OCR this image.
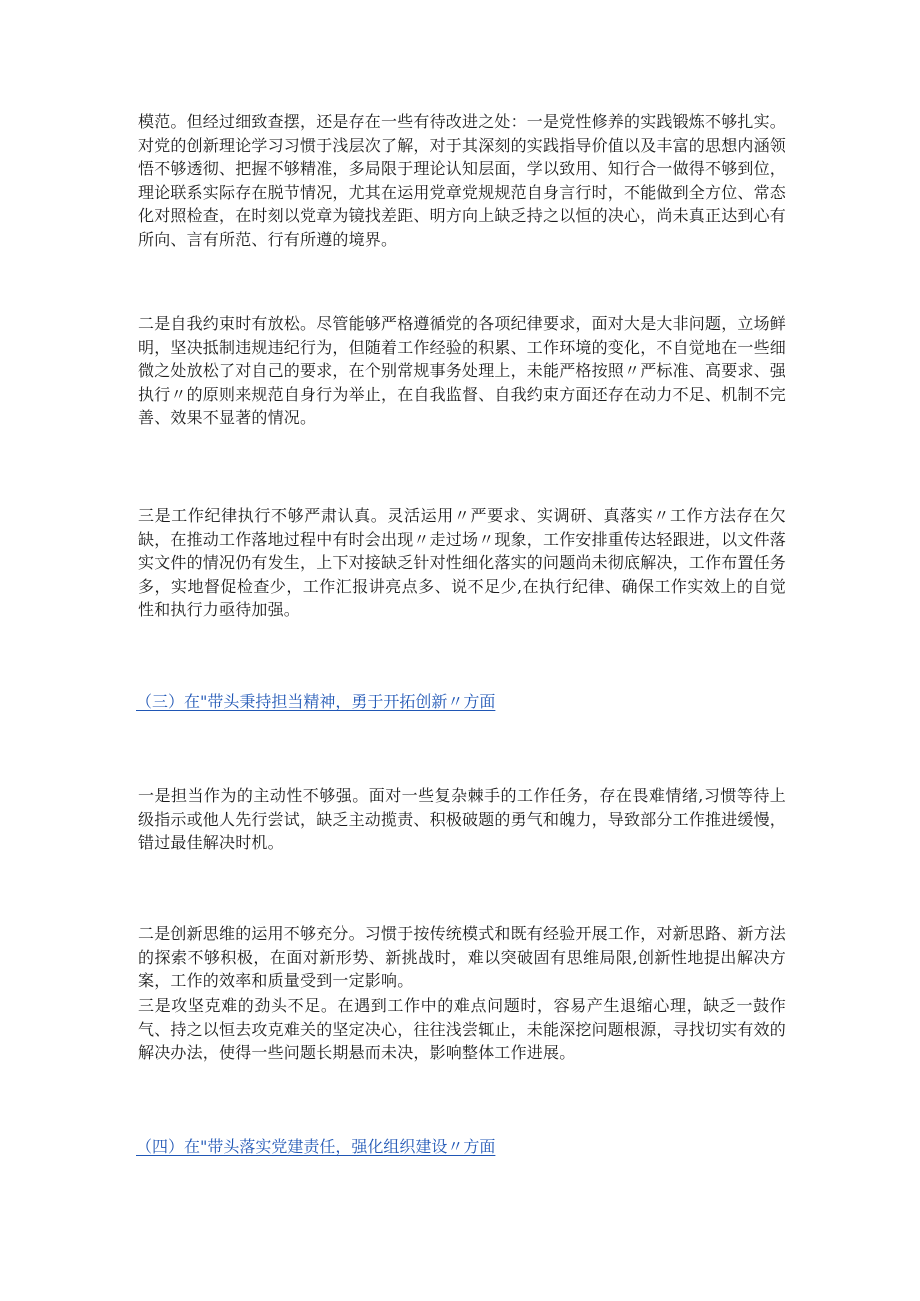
模范。但经过细致查摆，还是存在一些有待改进之处：一是党性修养的实践锻炼不够扎实。对党的创新理论学习习惯于浅层次了解，对于其深刻的实践指导价值以及丰富的思想内涵领悟不够透彻、把握不够精准，多局限于理论认知层面，学以致用、知行合一做得不够到位，理论联系实际存在脱节情况，尤其在运用党章党规规范自身言行时，不能做到全方位、常态化对照检查，在时刻以党章为镜找差距、明方向上缺乏持之以恒的决心，尚未真正达到心有所向、言有所范、行有所遵的境界。

二是自我约束时有放松。尽管能够严格遵循党的各项纪律要求，面对大是大非问题，立场鲜明，坚决抵制违规违纪行为，但随着工作经验的积累、工作环境的变化，不自觉地在一些细微之处放松了对自己的要求，在个别常规事务处理上，未能严格按照〃严标准、高要求、强执行〃的原则来规范自身行为举止，在自我监督、自我约束方面还存在动力不足、机制不完善、效果不显著的情况。

三是工作纪律执行不够严肃认真。灵活运用〃严要求、实调研、真落实〃工作方法存在欠缺，在推动工作落地过程中有时会出现〃走过场〃现象，工作安排重传达轻跟进，以文件落实文件的情况仍有发生，上下对接缺乏针对性细化落实的问题尚未彻底解决，工作布置任务多，实地督促检查少，工作汇报讲亮点多、说不足少,在执行纪律、确保工作实效上的自觉性和执行力亟待加强。

（三）在"带头秉持担当精神，勇于开拓创新〃方面

一是担当作为的主动性不够强。面对一些复杂棘手的工作任务，存在畏难情绪,习惯等待上级指示或他人先行尝试，缺乏主动揽责、积极破题的勇气和魄力，导致部分工作推进缓慢，错过最佳解决时机。

二是创新思维的运用不够充分。习惯于按传统模式和既有经验开展工作，对新思路、新方法的探索不够积极，在面对新形势、新挑战时，难以突破固有思维局限,创新性地提出解决方案，工作的效率和质量受到一定影响。

三是攻坚克难的劲头不足。在遇到工作中的难点问题时，容易产生退缩心理，缺乏一鼓作气、持之以恒去攻克难关的坚定决心，往往浅尝辄止，未能深挖问题根源，寻找切实有效的解决办法，使得一些问题长期悬而未决，影响整体工作进展。

（四）在"带头落实党建责任，强化组织建设〃方面
